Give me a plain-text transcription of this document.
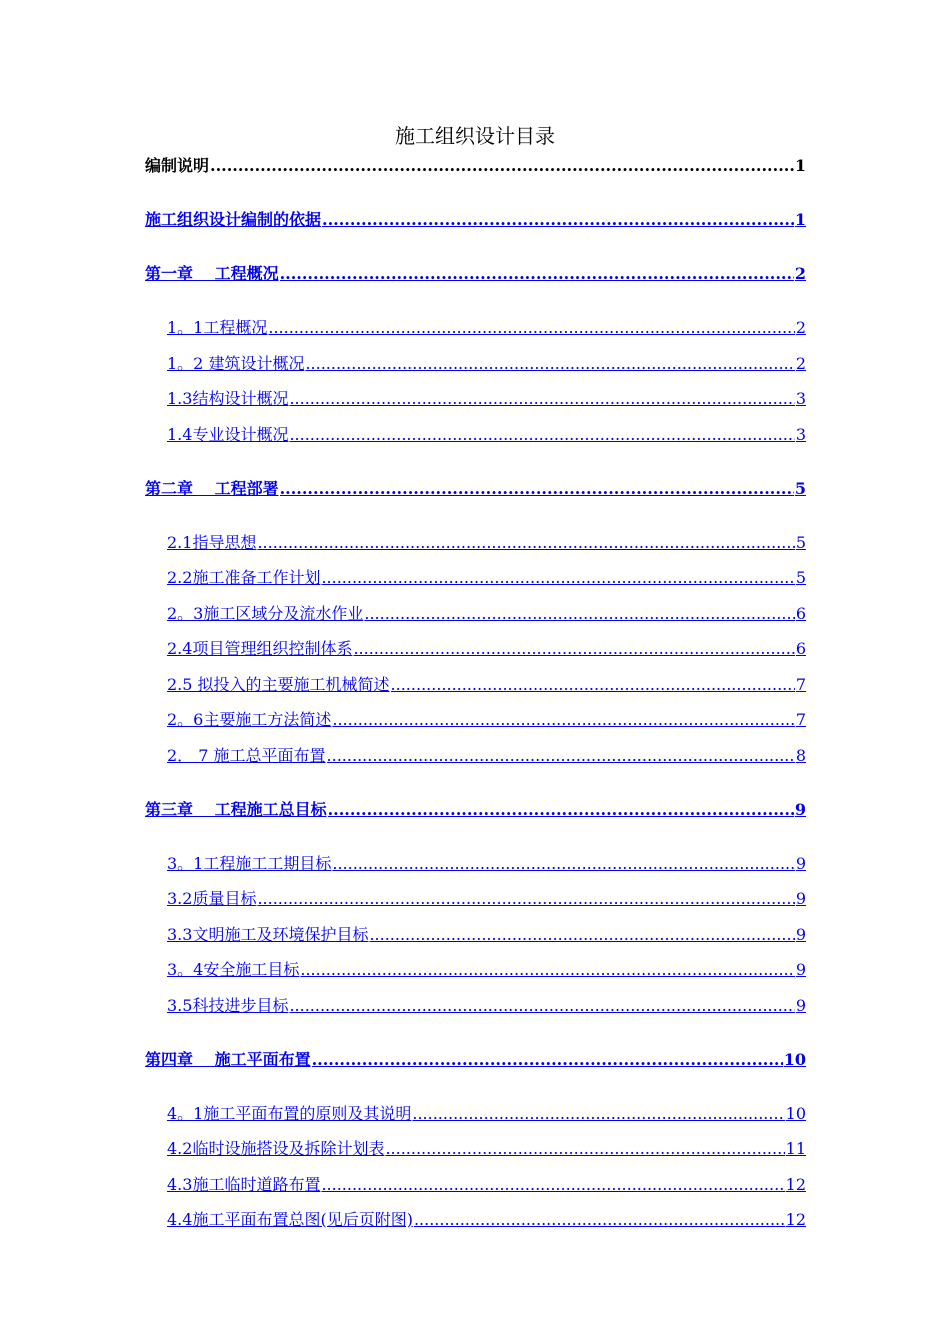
施工组织设计目录
编制说明 .....	1
施工组织设计编制的依据 .....	1
第一章　 工程概况 .....	2
1。1工程概况 .....	2
1。2 建筑设计概况 .....	2
1.3结构设计概况 .....	3
1.4专业设计概况 .....	3
第二章　 工程部署 .....	5
2.1指导思想 .....	5
2.2施工准备工作计划 .....	5
2。3施工区域分及流水作业 .....	6
2.4项目管理组织控制体系 .....	6
2.5 拟投入的主要施工机械简述 .....	7
2。6主要施工方法简述 .....	7
2． 7 施工总平面布置 .....	8
第三章　 工程施工总目标 .....	9
3。1工程施工工期目标 .....	9
3.2质量目标 .....	9
3.3文明施工及环境保护目标 .....	9
3。4安全施工目标 .....	9
3.5科技进步目标 .....	9
第四章　 施工平面布置 .....	10
4。1施工平面布置的原则及其说明 .....	10
4.2临时设施搭设及拆除计划表 .....	11
4.3施工临时道路布置 .....	12
4.4施工平面布置总图(见后页附图) .....	12
